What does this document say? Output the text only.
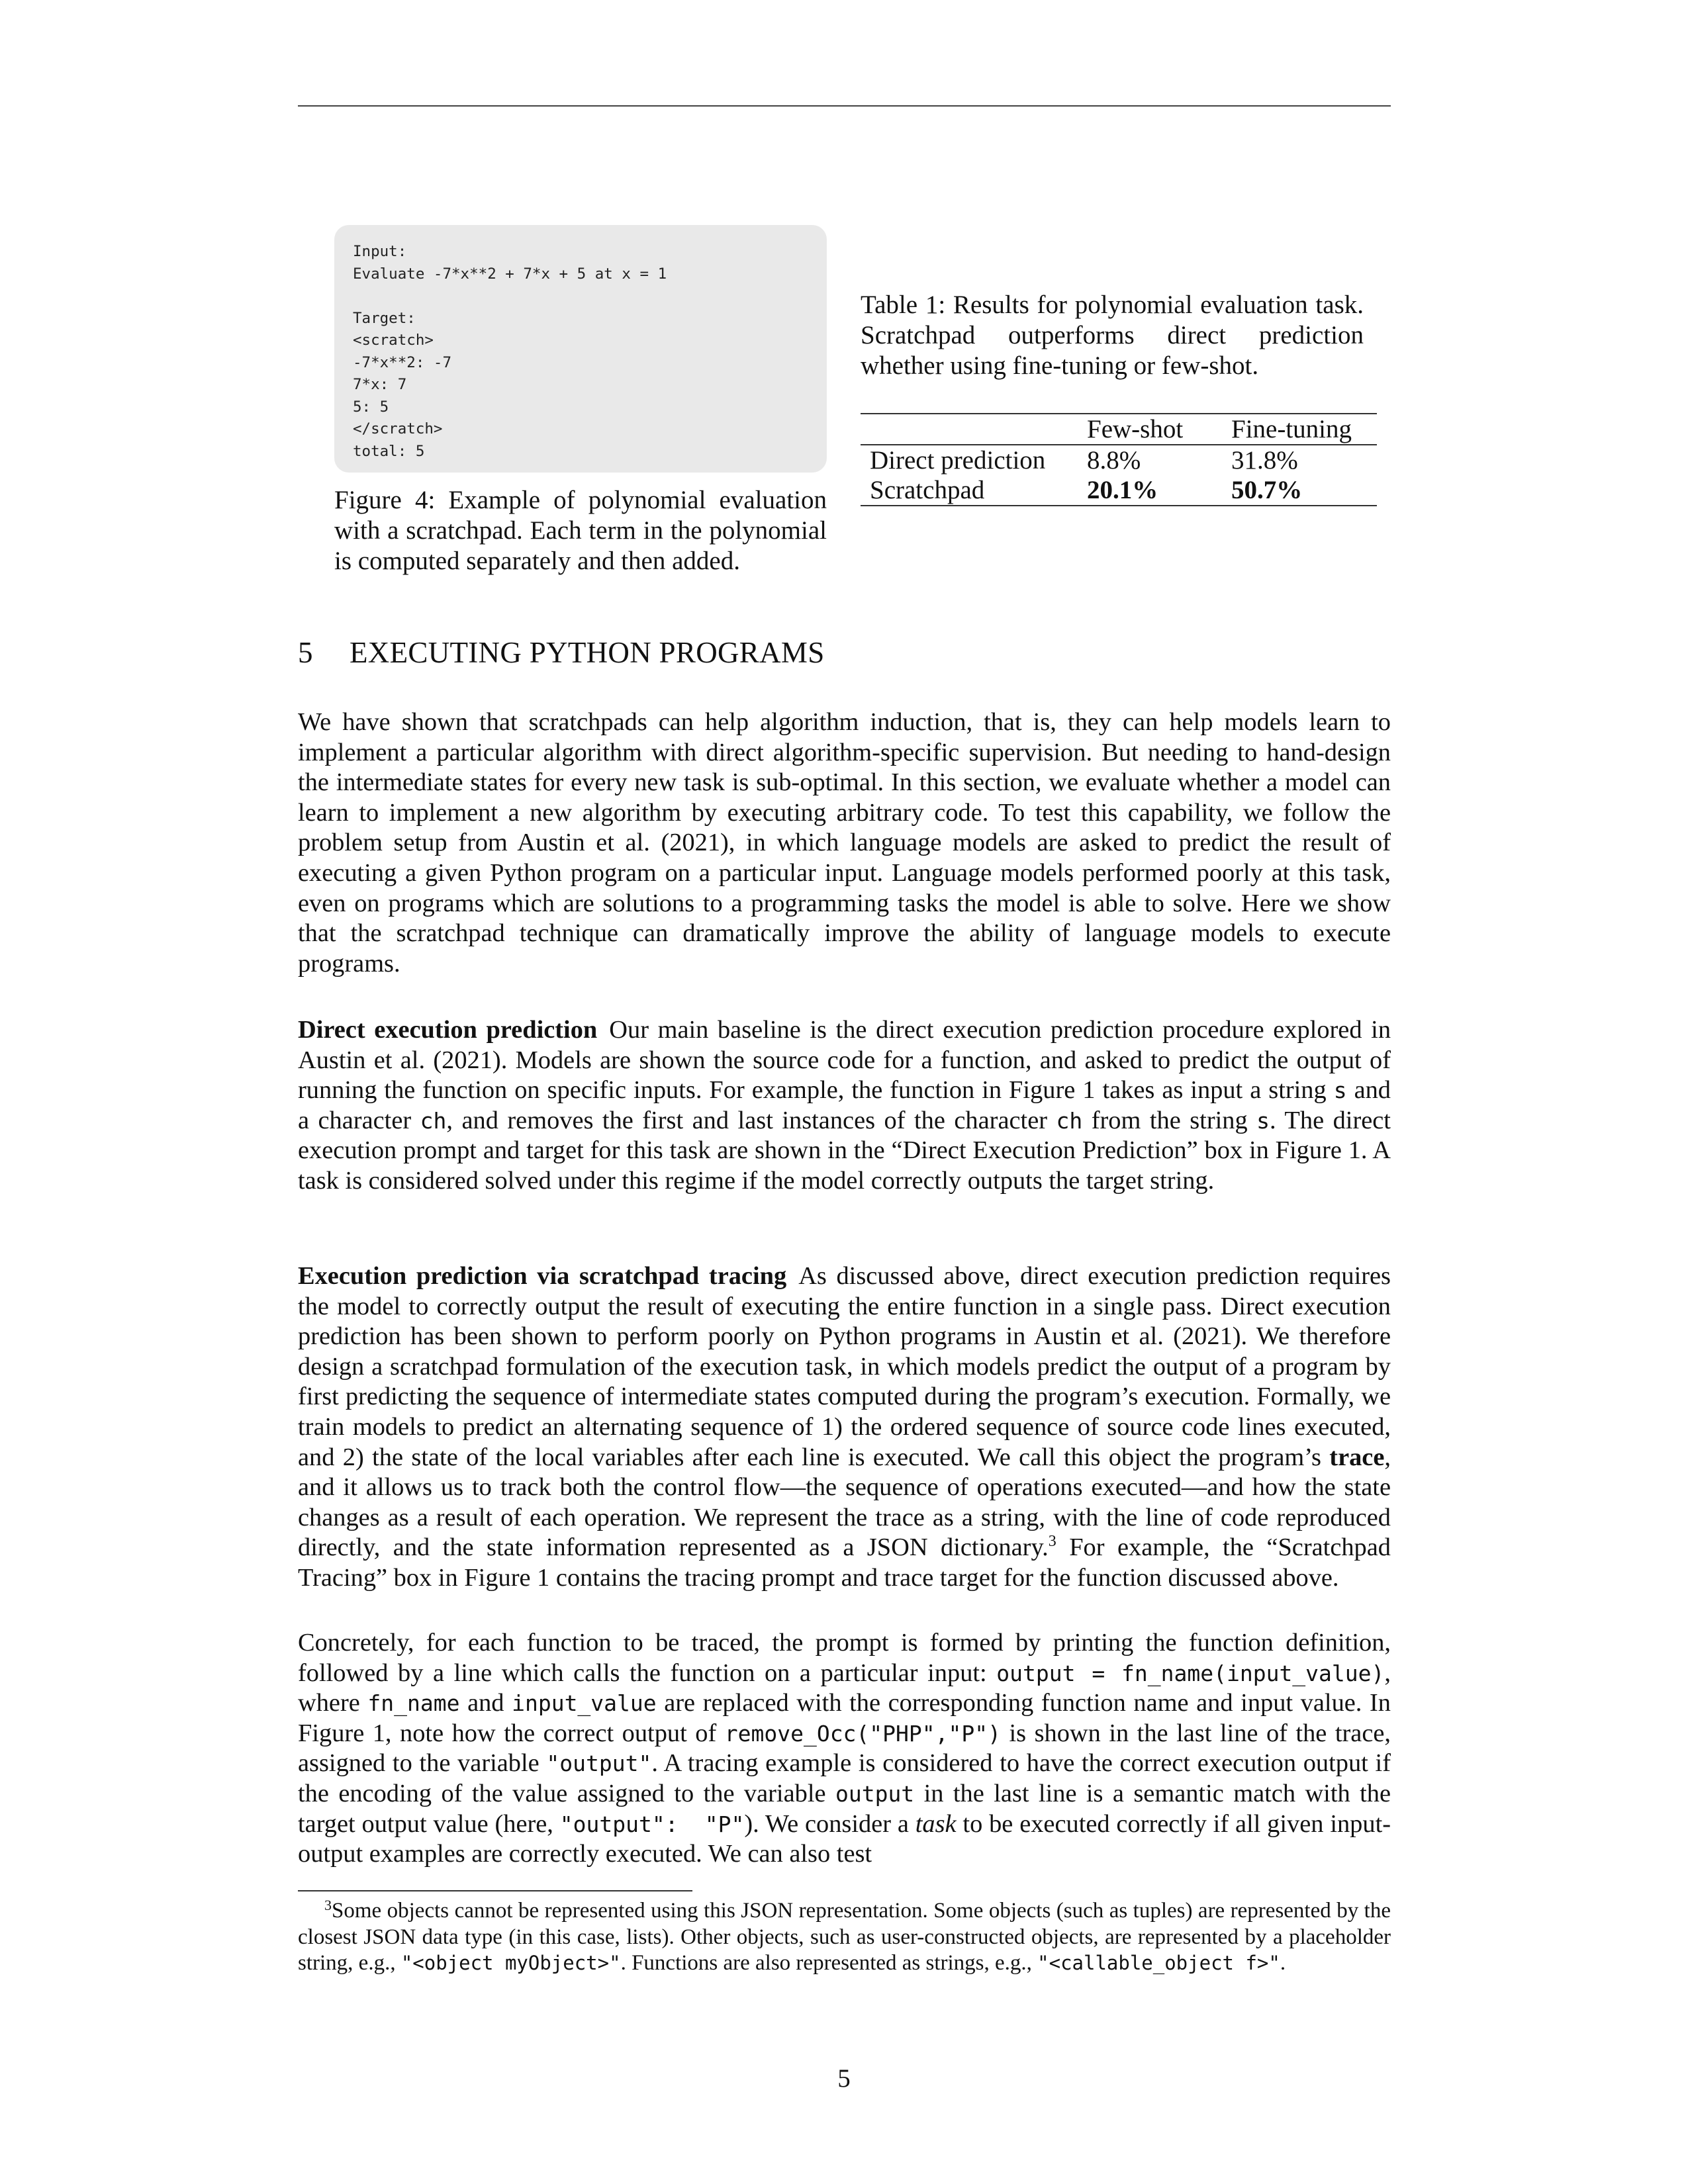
Input:
Evaluate -7*x**2 + 7*x + 5 at x = 1
Target:
<scratch>
-7*x**2: -7
7*x: 7
5: 5
</scratch>
total: 5
Figure 4: Example of polynomial evaluation with a scratchpad. Each term in the polynomial is computed separately and then added.
Table 1: Results for polynomial evaluation task. Scratchpad outperforms direct prediction whether using fine-tuning or few-shot.
	Few-shot	Fine-tuning
Direct prediction	8.8%	31.8%
Scratchpad	20.1%	50.7%
5 EXECUTING PYTHON PROGRAMS
We have shown that scratchpads can help algorithm induction, that is, they can help models learn to implement a particular algorithm with direct algorithm-specific supervision. But needing to hand-design the intermediate states for every new task is sub-optimal. In this section, we evaluate whether a model can learn to implement a new algorithm by executing arbitrary code. To test this capability, we follow the problem setup from Austin et al. (2021), in which language models are asked to predict the result of executing a given Python program on a particular input. Language models performed poorly at this task, even on programs which are solutions to a programming tasks the model is able to solve. Here we show that the scratchpad technique can dramatically improve the ability of language models to execute programs.
Direct execution prediction Our main baseline is the direct execution prediction procedure explored in Austin et al. (2021). Models are shown the source code for a function, and asked to predict the output of running the function on specific inputs. For example, the function in Figure 1 takes as input a string s and a character ch, and removes the first and last instances of the character ch from the string s. The direct execution prompt and target for this task are shown in the “Direct Execution Prediction” box in Figure 1. A task is considered solved under this regime if the model correctly outputs the target string.
Execution prediction via scratchpad tracing As discussed above, direct execution prediction requires the model to correctly output the result of executing the entire function in a single pass. Direct execution prediction has been shown to perform poorly on Python programs in Austin et al. (2021). We therefore design a scratchpad formulation of the execution task, in which models predict the output of a program by first predicting the sequence of intermediate states computed during the program’s execution. Formally, we train models to predict an alternating sequence of 1) the ordered sequence of source code lines executed, and 2) the state of the local variables after each line is executed. We call this object the program’s trace, and it allows us to track both the control flow—the sequence of operations executed—and how the state changes as a result of each operation. We represent the trace as a string, with the line of code reproduced directly, and the state information represented as a JSON dictionary.$^3$ For example, the “Scratchpad Tracing” box in Figure 1 contains the tracing prompt and trace target for the function discussed above.
Concretely, for each function to be traced, the prompt is formed by printing the function definition, followed by a line which calls the function on a particular input: output = fn_name(input_value), where fn_name and input_value are replaced with the corresponding function name and input value. In Figure 1, note how the correct output of remove_Occ("PHP","P") is shown in the last line of the trace, assigned to the variable "output". A tracing example is considered to have the correct execution output if the encoding of the value assigned to the variable output in the last line is a semantic match with the target output value (here, "output":  "P"). We consider a task to be executed correctly if all given input-output examples are correctly executed. We can also test
$^3$Some objects cannot be represented using this JSON representation. Some objects (such as tuples) are represented by the closest JSON data type (in this case, lists). Other objects, such as user-constructed objects, are represented by a placeholder string, e.g., "<object myObject>". Functions are also represented as strings, e.g., "<callable_object f>".
5
